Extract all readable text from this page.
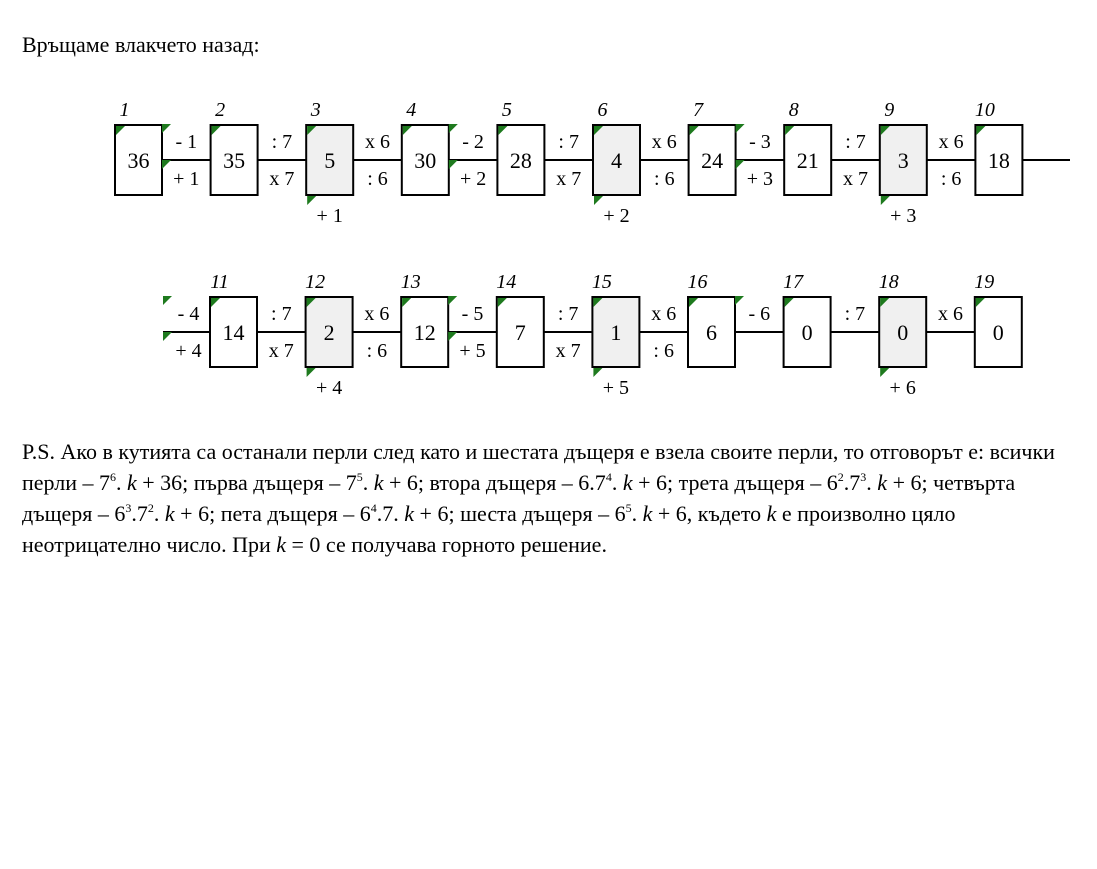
Връщаме влакчето назад:
36
1
35
2
5
3
+ 1
30
4
28
5
4
6
+ 2
24
7
21
8
3
9
+ 3
18
10
- 1
+ 1
: 7
x 7
x 6
: 6
- 2
+ 2
: 7
x 7
x 6
: 6
- 3
+ 3
: 7
x 7
x 6
: 6
- 4
+ 4
14
11
2
12
+ 4
12
13
7
14
1
15
+ 5
6
16
0
17
0
18
+ 6
0
19
: 7
x 7
x 6
: 6
- 5
+ 5
: 7
x 7
x 6
: 6
- 6	: 7	x 6
P.S. Ако в кутията са останали перли след като и шестата дъщеря е взела своите перли, то отговорът е: всички перли – $7^6$. k + 36; първа дъщеря – $7^5$. k + 6; втора дъщеря – $6.7^4$. k + 6; трета дъщеря – $6^2.7^3$. k + 6; четвърта дъщеря – $6^3.7^2$. k + 6; пета дъщеря – $6^4.7$. k + 6; шеста дъщеря – $6^5$. k + 6, където k е произволно цяло неотрицателно число. При k = 0 се получава горното решение.
